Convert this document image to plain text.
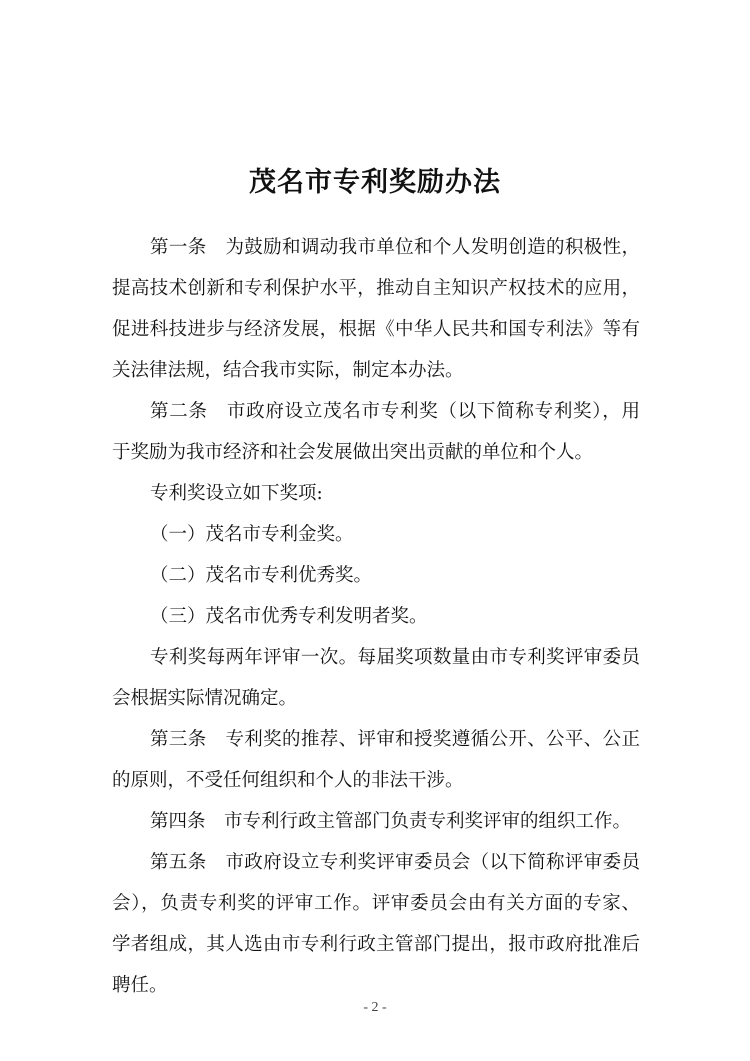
茂名市专利奖励办法
第一条　为鼓励和调动我市单位和个人发明创造的积极性，
提高技术创新和专利保护水平，推动自主知识产权技术的应用，
促进科技进步与经济发展，根据《中华人民共和国专利法》等有
关法律法规，结合我市实际，制定本办法。
第二条　市政府设立茂名市专利奖（以下简称专利奖），用
于奖励为我市经济和社会发展做出突出贡献的单位和个人。
专利奖设立如下奖项:
（一）茂名市专利金奖。
（二）茂名市专利优秀奖。
（三）茂名市优秀专利发明者奖。
专利奖每两年评审一次。每届奖项数量由市专利奖评审委员
会根据实际情况确定。
第三条　专利奖的推荐、评审和授奖遵循公开、公平、公正
的原则，不受任何组织和个人的非法干涉。
第四条　市专利行政主管部门负责专利奖评审的组织工作。
第五条　市政府设立专利奖评审委员会（以下简称评审委员
会），负责专利奖的评审工作。评审委员会由有关方面的专家、
学者组成，其人选由市专利行政主管部门提出，报市政府批准后
聘任。
- 2 -
